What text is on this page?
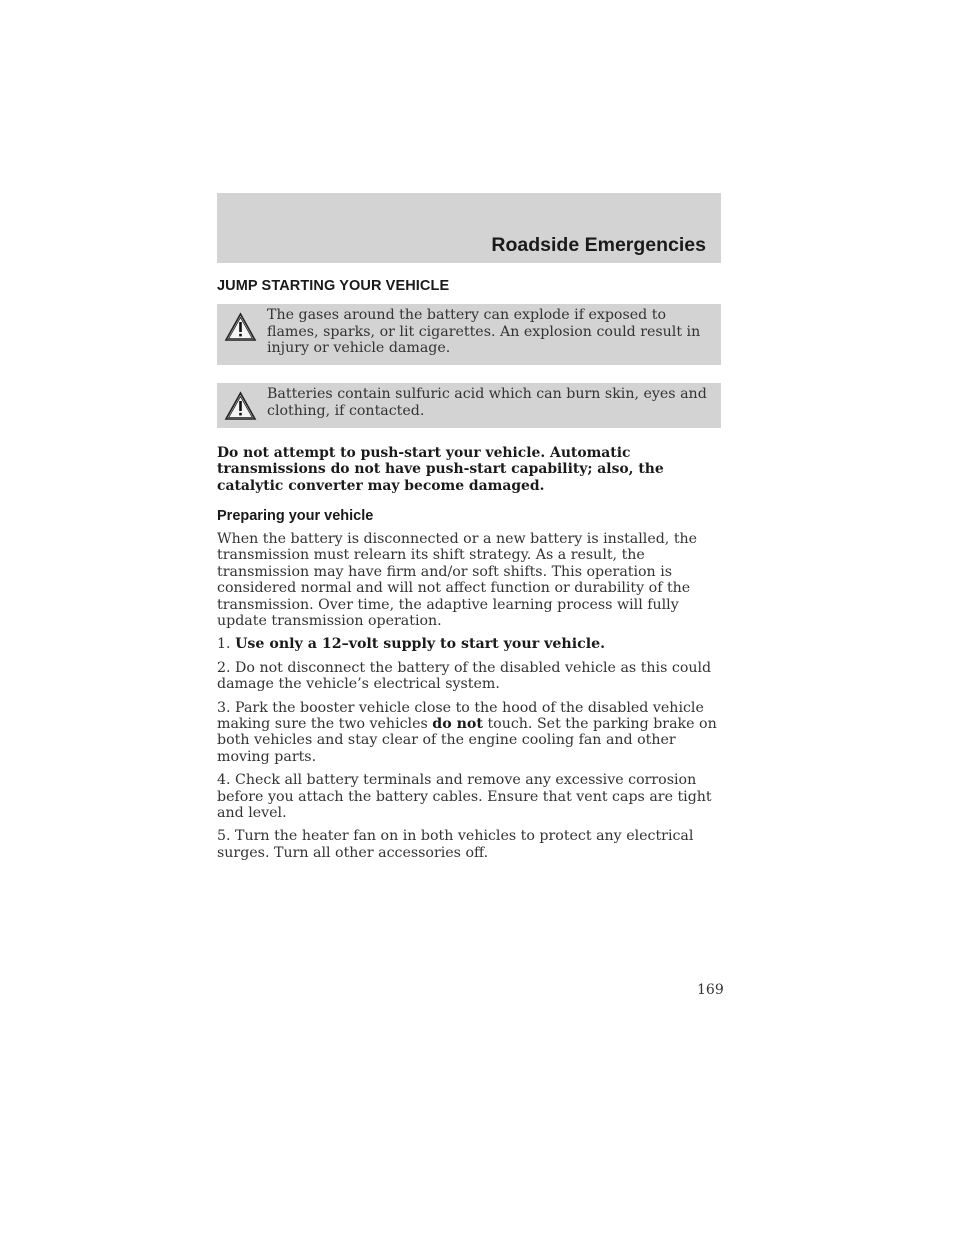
Roadside Emergencies
JUMP STARTING YOUR VEHICLE

The gases around the battery can explode if exposed to flames, sparks, or lit cigarettes. An explosion could result in injury or vehicle damage.

Batteries contain sulfuric acid which can burn skin, eyes and clothing, if contacted.

Do not attempt to push-start your vehicle. Automatic transmissions do not have push-start capability; also, the catalytic converter may become damaged.
Preparing your vehicle

When the battery is disconnected or a new battery is installed, the transmission must relearn its shift strategy. As a result, the transmission may have firm and/or soft shifts. This operation is considered normal and will not affect function or durability of the transmission. Over time, the adaptive learning process will fully update transmission operation.

1. Use only a 12–volt supply to start your vehicle.

2. Do not disconnect the battery of the disabled vehicle as this could damage the vehicle’s electrical system.

3. Park the booster vehicle close to the hood of the disabled vehicle making sure the two vehicles do not touch. Set the parking brake on both vehicles and stay clear of the engine cooling fan and other moving parts.

4. Check all battery terminals and remove any excessive corrosion before you attach the battery cables. Ensure that vent caps are tight and level.

5. Turn the heater fan on in both vehicles to protect any electrical surges. Turn all other accessories off.

169
